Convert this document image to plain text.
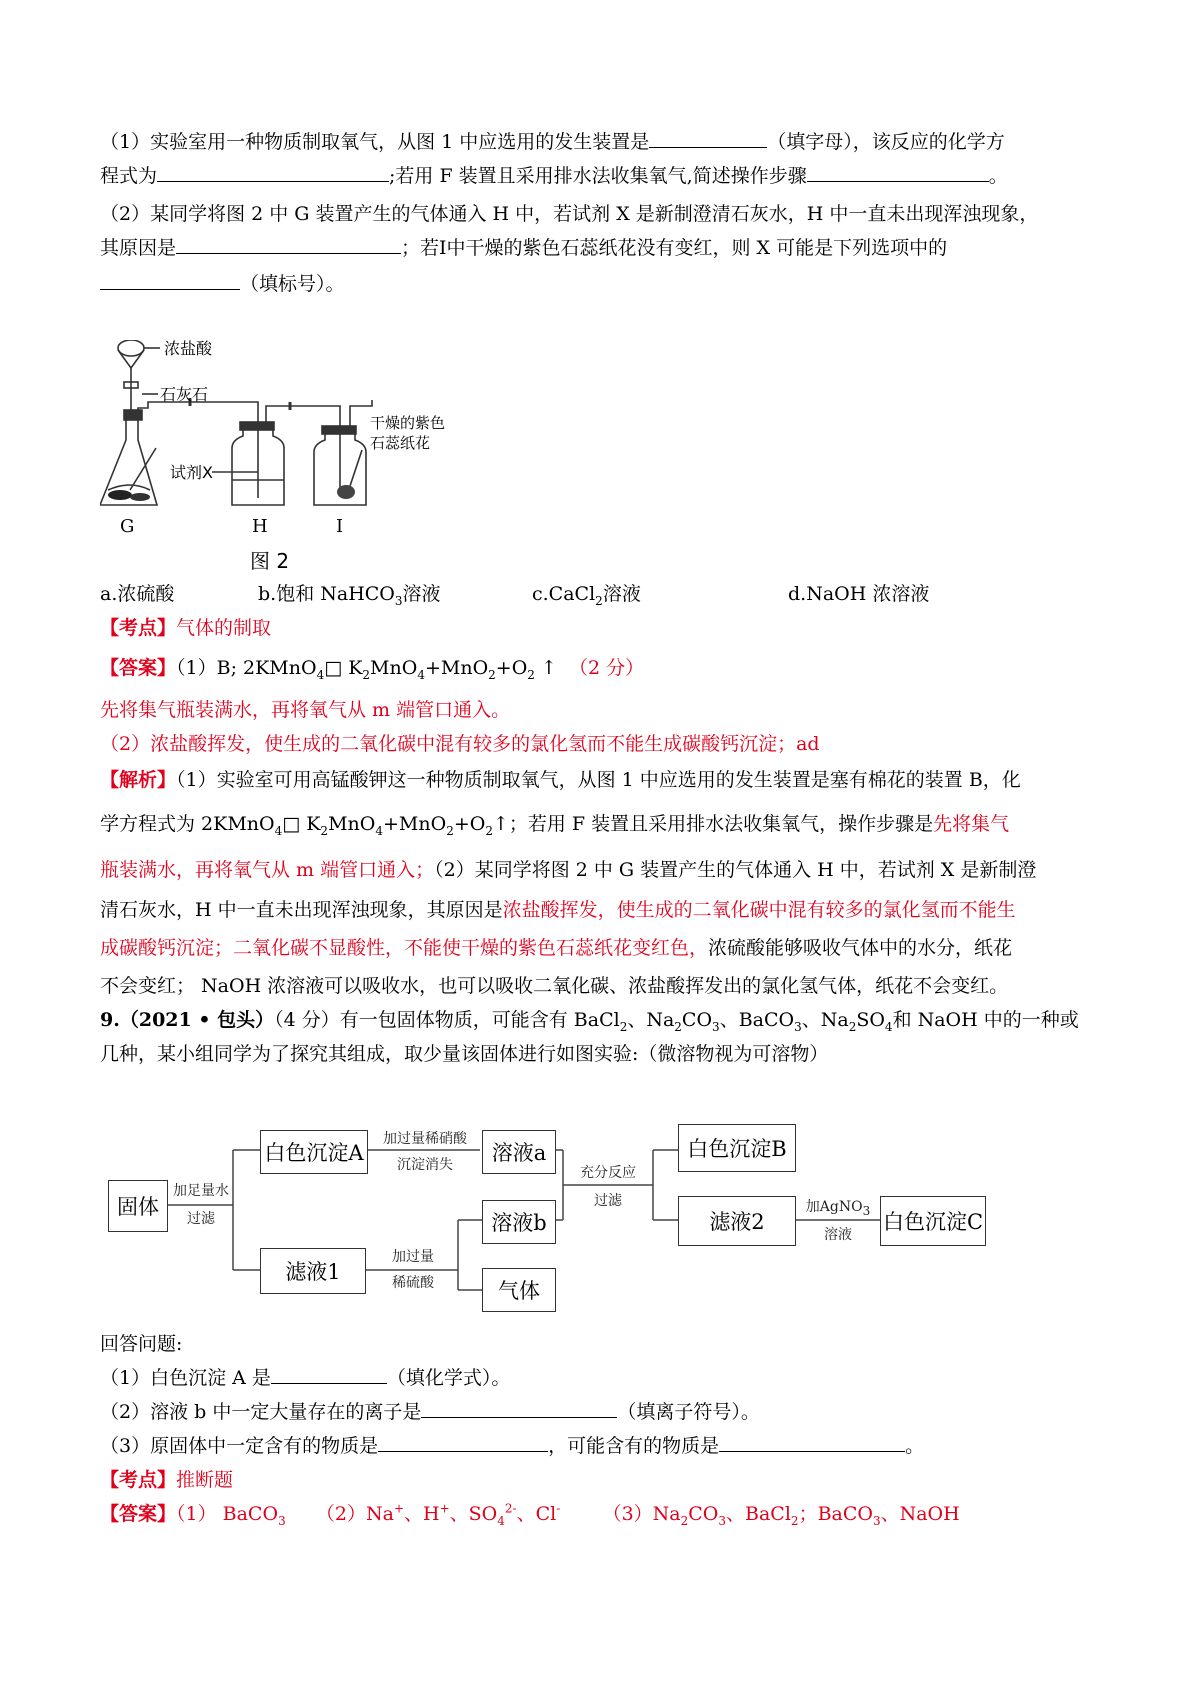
（1）实验室用一种物质制取氧气，从图 1 中应选用的发生装置是	（填字母），该反应的化学方
程式为	;若用 F 装置且采用排水法收集氧气,简述操作步骤	。
（2）某同学将图 2 中 G 装置产生的气体通入 H 中，若试剂 X 是新制澄清石灰水，H 中一直未出现浑浊现象，
其原因是	；若Ⅰ中干燥的紫色石蕊纸花没有变红，则 X 可能是下列选项中的
（填标号）。
浓盐酸
石灰石
试剂X
干燥的紫色
石蕊纸花
G	H	I
图 2
a.浓硫酸	b.饱和 NaHCO$_3$溶液	c.CaCl$_2$溶液	d.NaOH 浓溶液
【考点】气体的制取
【答案】（1）B; 2KMnO$_4$□ $K_2MnO_4+MnO_2+O_2$ ↑ （2 分）
先将集气瓶装满水，再将氧气从 m 端管口通入。
（2）浓盐酸挥发，使生成的二氧化碳中混有较多的氯化氢而不能生成碳酸钙沉淀；ad
【解析】（1）实验室可用高锰酸钾这一种物质制取氧气，从图 1 中应选用的发生装置是塞有棉花的装置 B，化
学方程式为 2KMnO$_4$□ $K_2MnO_4+MnO_2+O_2↑$；若用 F 装置且采用排水法收集氧气，操作步骤是先将集气
瓶装满水，再将氧气从 m 端管口通入；（2）某同学将图 2 中 G 装置产生的气体通入 H 中，若试剂 X 是新制澄
清石灰水，H 中一直未出现浑浊现象，其原因是浓盐酸挥发，使生成的二氧化碳中混有较多的氯化氢而不能生
成碳酸钙沉淀；二氧化碳不显酸性，不能使干燥的紫色石蕊纸花变红色，浓硫酸能够吸收气体中的水分，纸花
不会变红； NaOH 浓溶液可以吸收水，也可以吸收二氧化碳、浓盐酸挥发出的氯化氢气体，纸花不会变红。
9.（2021 • 包头）（4 分）有一包固体物质，可能含有 BaCl$_2$、$Na_2CO_3$、BaCO$_3$、$Na_2SO_4$和 NaOH 中的一种或
几种，某小组同学为了探究其组成，取少量该固体进行如图实验:（微溶物视为可溶物）
固体
加足量水
过滤
白色沉淀A
加过量稀硝酸
沉淀消失	溶液a
滤液1
加过量
稀硫酸
溶液b
气体
充分反应
过滤
白色沉淀B
滤液2
加AgNO$_3$
溶液
白色沉淀C
回答问题:
（1）白色沉淀 A 是	（填化学式）。
（2）溶液 b 中一定大量存在的离子是	（填离子符号）。
（3）原固体中一定含有的物质是	，可能含有的物质是	。
【考点】推断题
【答案】（1） BaCO$_3$ （2）Na+、H+、$SO_4^{2-}$、Cl- $(3)Na_2CO_3$、BaCl$_2$；BaCO$_3$、NaOH
